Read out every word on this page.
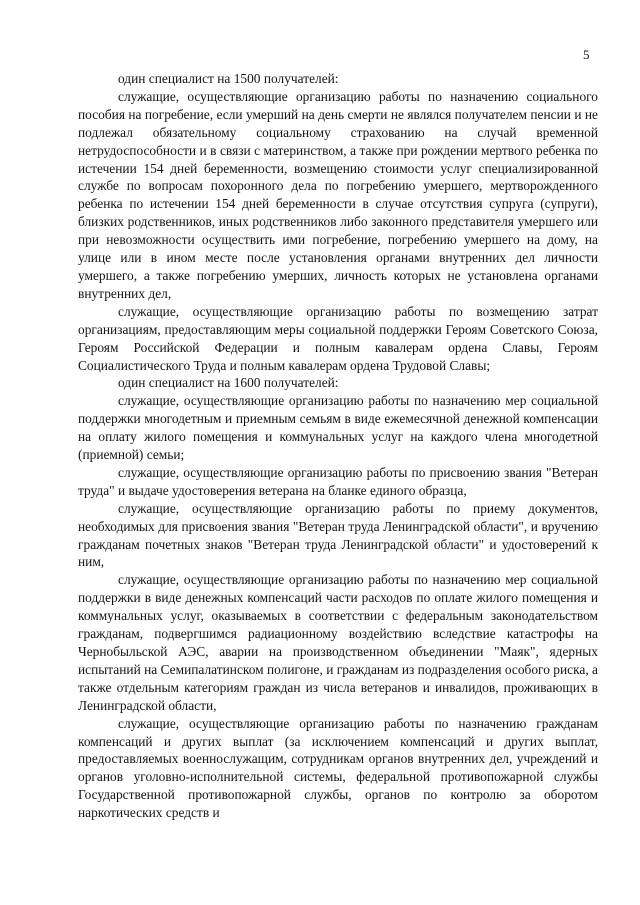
5

один специалист на 1500 получателей:

служащие, осуществляющие организацию работы по назначению социального пособия на погребение, если умерший на день смерти не являлся получателем пенсии и не подлежал обязательному социальному страхованию на случай временной нетрудоспособности и в связи с материнством, а также при рождении мертвого ребенка по истечении 154 дней беременности, возмещению стоимости услуг специализированной службе по вопросам похоронного дела по погребению умершего, мертворожденного ребенка по истечении 154 дней беременности в случае отсутствия супруга (супруги), близких родственников, иных родственников либо законного представителя умершего или при невозможности осуществить ими погребение, погребению умершего на дому, на улице или в ином месте после установления органами внутренних дел личности умершего, а также погребению умерших, личность которых не установлена органами внутренних дел,

служащие, осуществляющие организацию работы по возмещению затрат организациям, предоставляющим меры социальной поддержки Героям Советского Союза, Героям Российской Федерации и полным кавалерам ордена Славы, Героям Социалистического Труда и полным кавалерам ордена Трудовой Славы;

один специалист на 1600 получателей:

служащие, осуществляющие организацию работы по назначению мер социальной поддержки многодетным и приемным семьям в виде ежемесячной денежной компенсации на оплату жилого помещения и коммунальных услуг на каждого члена многодетной (приемной) семьи;

служащие, осуществляющие организацию работы по присвоению звания "Ветеран труда" и выдаче удостоверения ветерана на бланке единого образца,

служащие, осуществляющие организацию работы по приему документов, необходимых для присвоения звания "Ветеран труда Ленинградской области", и вручению гражданам почетных знаков "Ветеран труда Ленинградской области" и удостоверений к ним,

служащие, осуществляющие организацию работы по назначению мер социальной поддержки в виде денежных компенсаций части расходов по оплате жилого помещения и коммунальных услуг, оказываемых в соответствии с федеральным законодательством гражданам, подвергшимся радиационному воздействию вследствие катастрофы на Чернобыльской АЭС, аварии на производственном объединении "Маяк", ядерных испытаний на Семипалатинском полигоне, и гражданам из подразделения особого риска, а также отдельным категориям граждан из числа ветеранов и инвалидов, проживающих в Ленинградской области,

служащие, осуществляющие организацию работы по назначению гражданам компенсаций и других выплат (за исключением компенсаций и других выплат, предоставляемых военнослужащим, сотрудникам органов внутренних дел, учреждений и органов уголовно-исполнительной системы, федеральной противопожарной службы Государственной противопожарной службы, органов по контролю за оборотом наркотических средств и
